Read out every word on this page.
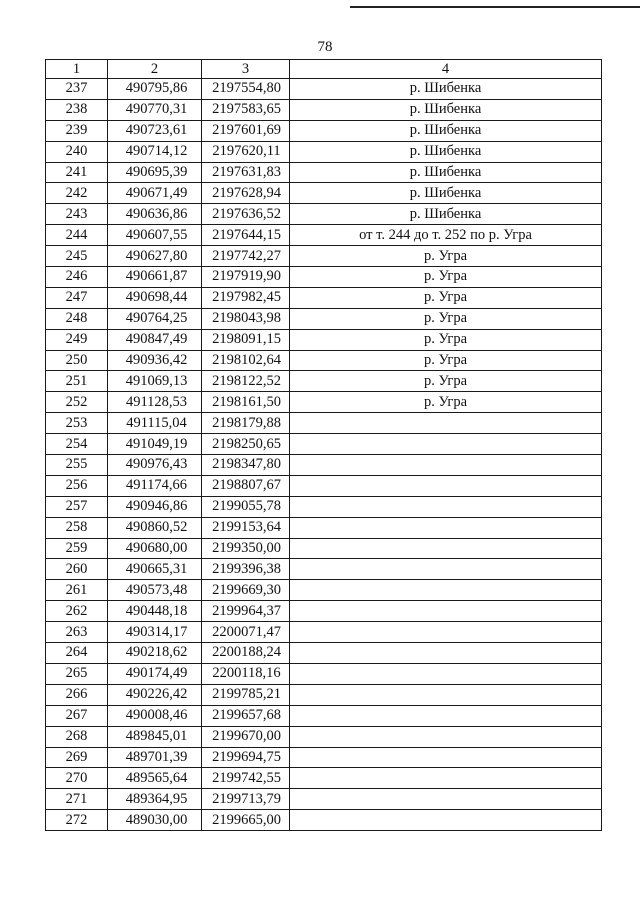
78
1	2	3	4
237	490795,86	2197554,80	р. Шибенка
238	490770,31	2197583,65	р. Шибенка
239	490723,61	2197601,69	р. Шибенка
240	490714,12	2197620,11	р. Шибенка
241	490695,39	2197631,83	р. Шибенка
242	490671,49	2197628,94	р. Шибенка
243	490636,86	2197636,52	р. Шибенка
244	490607,55	2197644,15	от т. 244 до т. 252 по р. Угра
245	490627,80	2197742,27	р. Угра
246	490661,87	2197919,90	р. Угра
247	490698,44	2197982,45	р. Угра
248	490764,25	2198043,98	р. Угра
249	490847,49	2198091,15	р. Угра
250	490936,42	2198102,64	р. Угра
251	491069,13	2198122,52	р. Угра
252	491128,53	2198161,50	р. Угра
253	491115,04	2198179,88	
254	491049,19	2198250,65	
255	490976,43	2198347,80	
256	491174,66	2198807,67	
257	490946,86	2199055,78	
258	490860,52	2199153,64	
259	490680,00	2199350,00	
260	490665,31	2199396,38	
261	490573,48	2199669,30	
262	490448,18	2199964,37	
263	490314,17	2200071,47	
264	490218,62	2200188,24	
265	490174,49	2200118,16	
266	490226,42	2199785,21	
267	490008,46	2199657,68	
268	489845,01	2199670,00	
269	489701,39	2199694,75	
270	489565,64	2199742,55	
271	489364,95	2199713,79	
272	489030,00	2199665,00	
